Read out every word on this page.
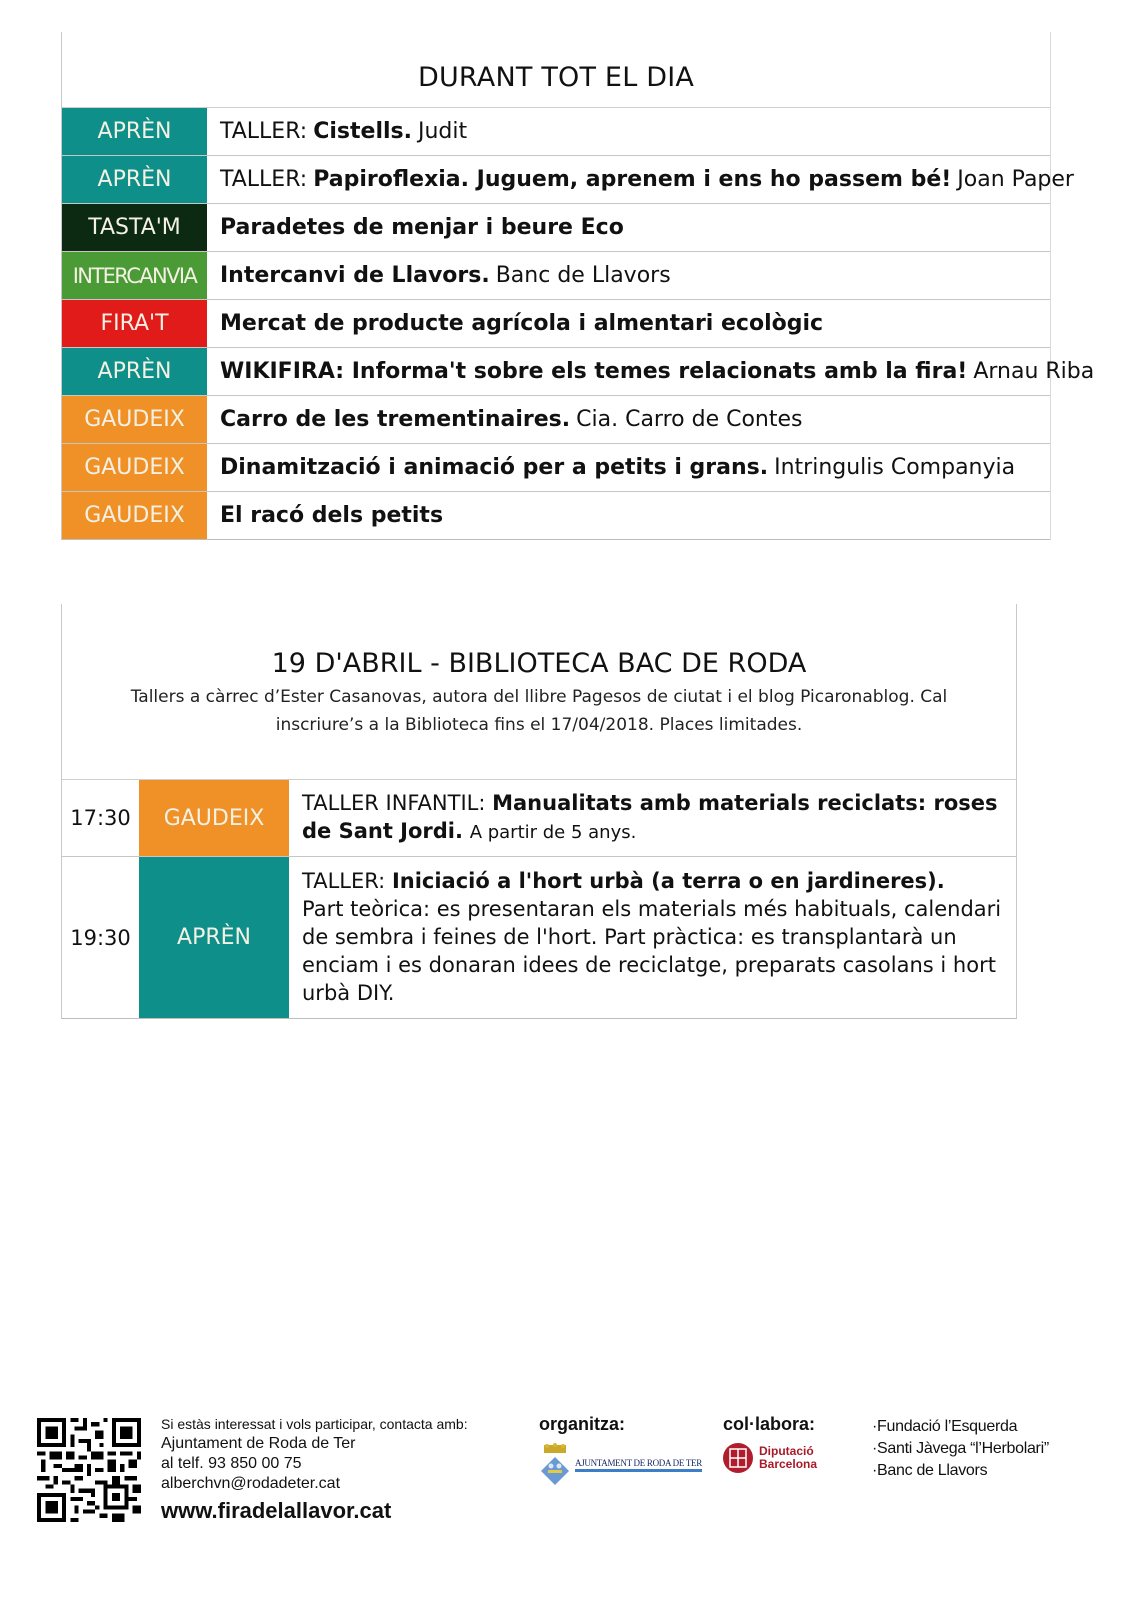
DURANT TOT EL DIA
APRÈN	TALLER: Cistells. Judit
APRÈN	TALLER: Papiroflexia. Juguem, aprenem i ens ho passem bé! Joan Paper
TASTA'M	Paradetes de menjar i beure Eco
INTERCANVIA	Intercanvi de Llavors. Banc de Llavors
FIRA'T	Mercat de producte agrícola i almentari ecològic
APRÈN	WIKIFIRA: Informa't sobre els temes relacionats amb la fira! Arnau Riba
GAUDEIX	Carro de les trementinaires. Cia. Carro de Contes
GAUDEIX	Dinamització i animació per a petits i grans. Intringulis Companyia
GAUDEIX	El racó dels petits
19 D'ABRIL - BIBLIOTECA BAC DE RODA
Tallers a càrrec d’Ester Casanovas, autora del llibre Pagesos de ciutat i el blog Picaronablog. Cal
inscriure’s a la Biblioteca fins el 17/04/2018. Places limitades.
17:30	GAUDEIX
TALLER INFANTIL: Manualitats amb materials reciclats: roses de Sant Jordi. A partir de 5 anys.
19:30	APRÈN
TALLER: Iniciació a l'hort urbà (a terra o en jardineres).
Part teòrica: es presentaran els materials més habituals, calendari de sembra i feines de l'hort. Part pràctica: es transplantarà un enciam i es donaran idees de reciclatge, preparats casolans i hort urbà DIY.
Si estàs interessat i vols participar, contacta amb:
Ajuntament de Roda de Ter
al telf. 93 850 00 75
alberchvn@rodadeter.cat
www.firadelallavor.cat
organitza:
AJUNTAMENT DE RODA DE TER
col·labora:
Diputació
Barcelona
·Fundació l’Esquerda
·Santi Jàvega “l’Herbolari”
·Banc de Llavors
